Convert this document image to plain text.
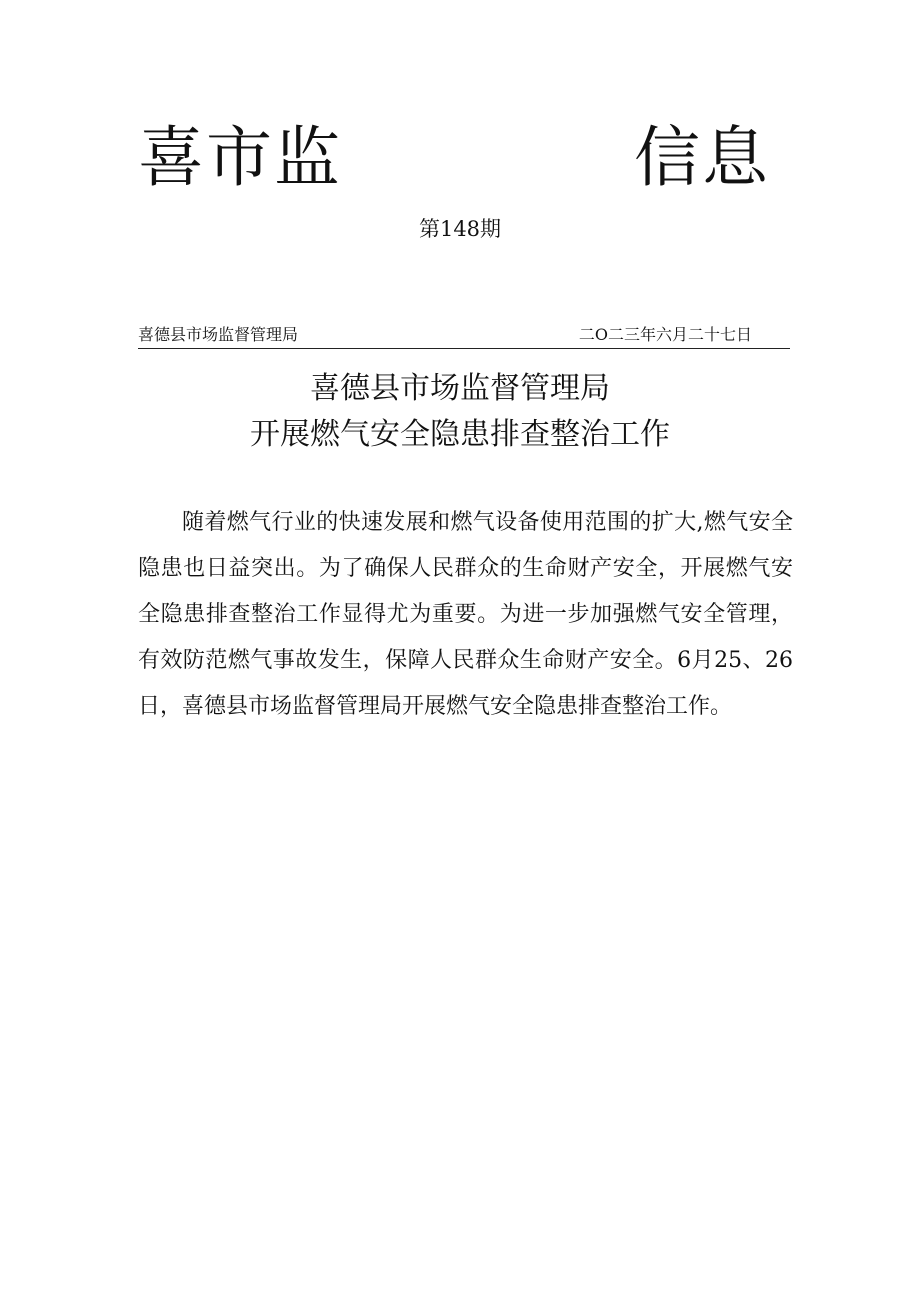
喜市监	信息
第148期
喜德县市场监督管理局	二O二三年六月二十七日
喜德县市场监督管理局
开展燃气安全隐患排查整治工作

随着燃气行业的快速发展和燃气设备使用范围的扩大,燃气安全隐患也日益突出。为了确保人民群众的生命财产安全，开展燃气安全隐患排查整治工作显得尤为重要。为进一步加强燃气安全管理，有效防范燃气事故发生，保障人民群众生命财产安全。6月25、26日，喜德县市场监督管理局开展燃气安全隐患排查整治工作。
